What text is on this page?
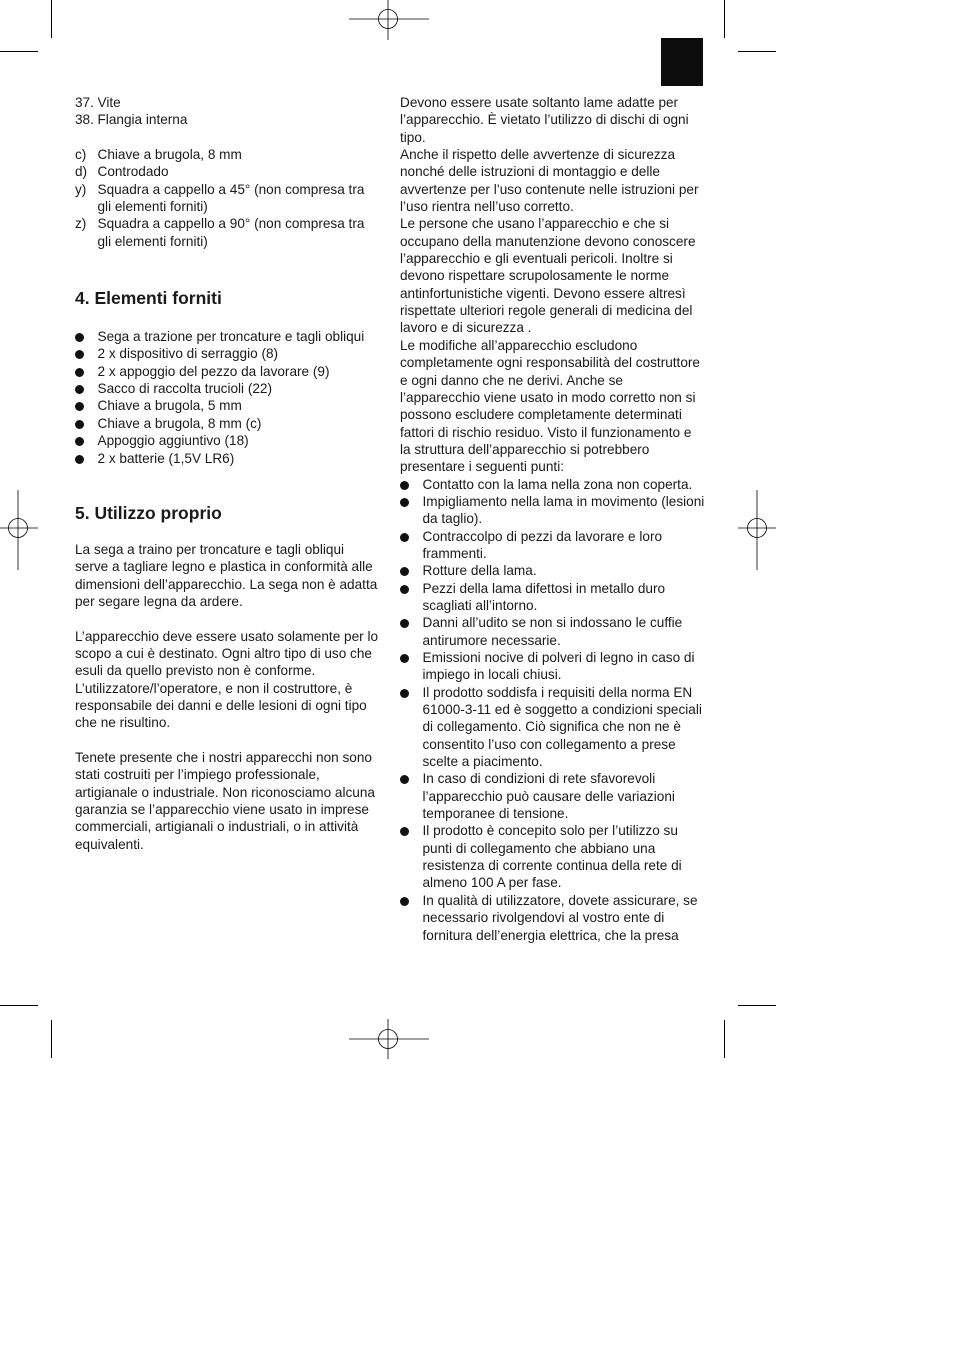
37. Vite
38. Flangia interna
c) Chiave a brugola, 8 mm
d) Controdado
y) Squadra a cappello a 45° (non compresa tra gli elementi forniti)
z) Squadra a cappello a 90° (non compresa tra gli elementi forniti)
4. Elementi forniti
Sega a trazione per troncature e tagli obliqui
2 x dispositivo di serraggio (8)
2 x appoggio del pezzo da lavorare (9)
Sacco di raccolta trucioli (22)
Chiave a brugola, 5 mm
Chiave a brugola, 8 mm (c)
Appoggio aggiuntivo (18)
2 x batterie (1,5V LR6)
5. Utilizzo proprio

La sega a traino per troncature e tagli obliqui serve a tagliare legno e plastica in conformità alle dimensioni dell’apparecchio. La sega non è adatta per segare legna da ardere.

L’apparecchio deve essere usato solamente per lo scopo a cui è destinato. Ogni altro tipo di uso che esuli da quello previsto non è conforme. L’utilizzatore/l’operatore, e non il costruttore, è responsabile dei danni e delle lesioni di ogni tipo che ne risultino.

Tenete presente che i nostri apparecchi non sono stati costruiti per l’impiego professionale, artigianale o industriale. Non riconosciamo alcuna garanzia se l’apparecchio viene usato in imprese commerciali, artigianali o industriali, o in attività equivalenti.

Devono essere usate soltanto lame adatte per l’apparecchio. È vietato l’utilizzo di dischi di ogni tipo.

Anche il rispetto delle avvertenze di sicurezza nonché delle istruzioni di montaggio e delle avvertenze per l’uso contenute nelle istruzioni per l’uso rientra nell’uso corretto.

Le persone che usano l’apparecchio e che si occupano della manutenzione devono conoscere l’apparecchio e gli eventuali pericoli. Inoltre si devono rispettare scrupolosamente le norme antinfortunistiche vigenti. Devono essere altresì rispettate ulteriori regole generali di medicina del lavoro e di sicurezza .

Le modifiche all’apparecchio escludono completamente ogni responsabilità del costruttore e ogni danno che ne derivi. Anche se l’apparecchio viene usato in modo corretto non si possono escludere completamente determinati fattori di rischio residuo. Visto il funzionamento e la struttura dell’apparecchio si potrebbero presentare i seguenti punti:

Contatto con la lama nella zona non coperta.
Impigliamento nella lama in movimento (lesioni da taglio).
Contraccolpo di pezzi da lavorare e loro frammenti.
Rotture della lama.
Pezzi della lama difettosi in metallo duro scagliati all’intorno.
Danni all’udito se non si indossano le cuffie antirumore necessarie.
Emissioni nocive di polveri di legno in caso di impiego in locali chiusi.
Il prodotto soddisfa i requisiti della norma EN 61000-3-11 ed è soggetto a condizioni speciali di collegamento. Ciò significa che non ne è consentito l’uso con collegamento a prese scelte a piacimento.
In caso di condizioni di rete sfavorevoli l’apparecchio può causare delle variazioni temporanee di tensione.
Il prodotto è concepito solo per l’utilizzo su punti di collegamento che abbiano una resistenza di corrente continua della rete di almeno 100 A per fase.
In qualità di utilizzatore, dovete assicurare, se necessario rivolgendovi al vostro ente di fornitura dell’energia elettrica, che la presa
